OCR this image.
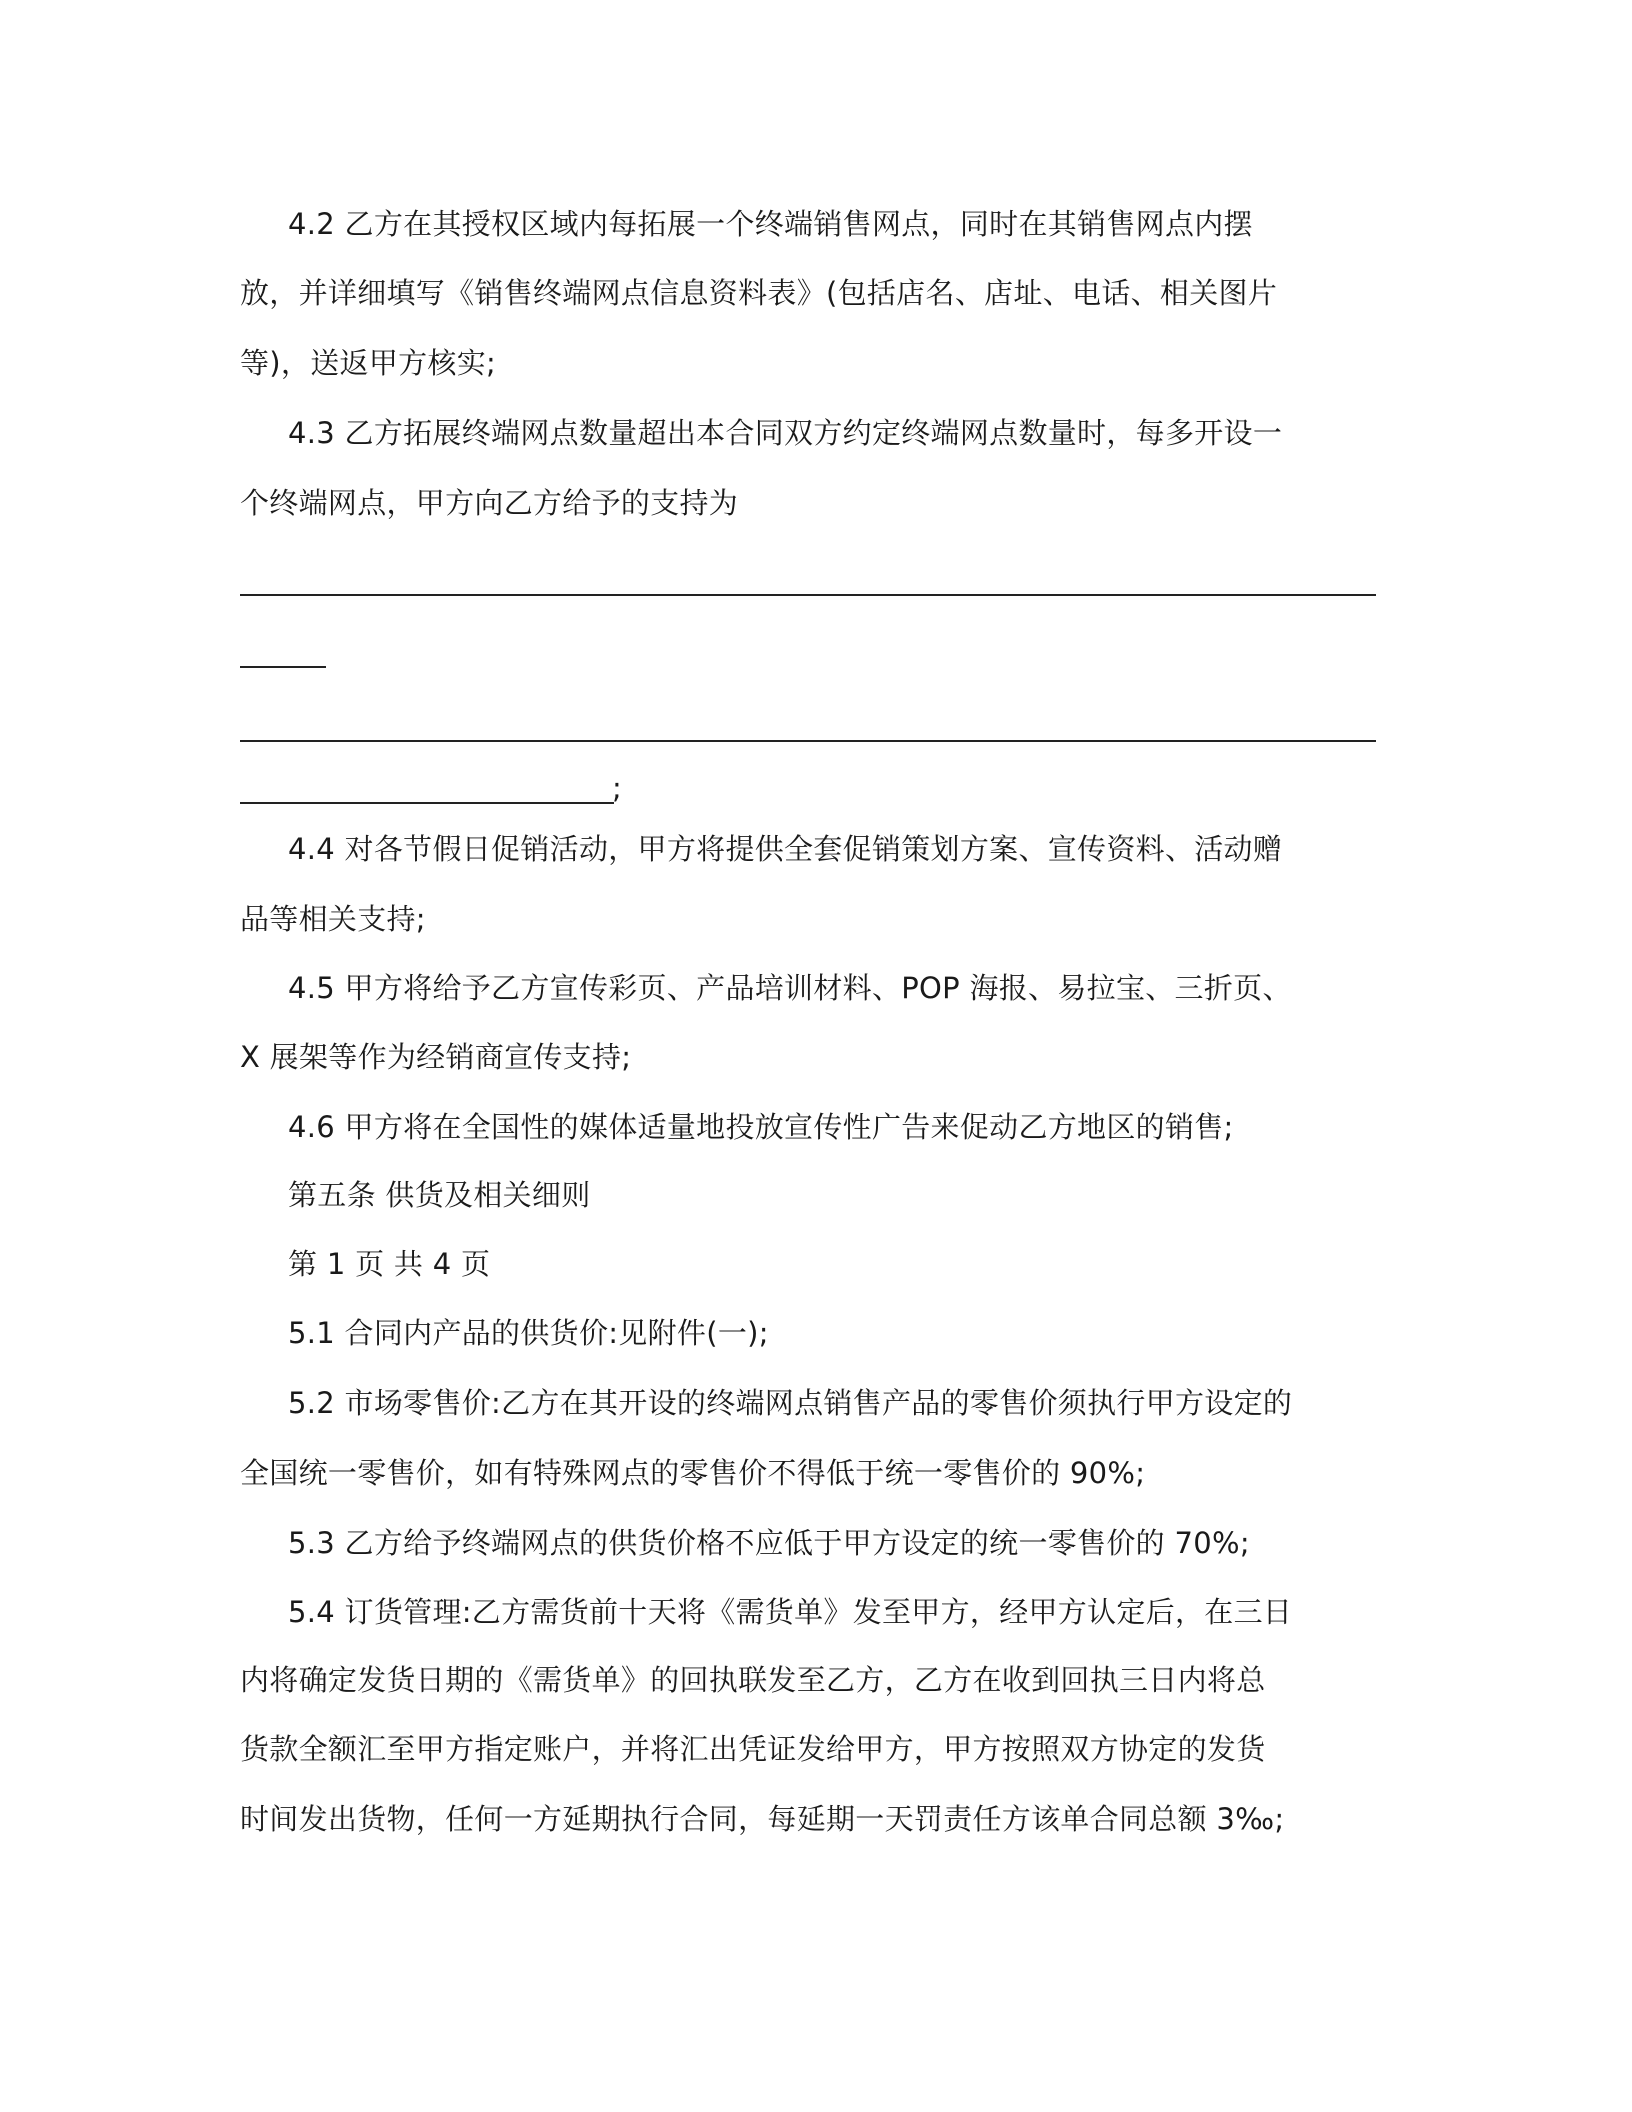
4.2 乙方在其授权区域内每拓展一个终端销售网点，同时在其销售网点内摆
放，并详细填写《销售终端网点信息资料表》(包括店名、店址、电话、相关图片
等)，送返甲方核实;
4.3 乙方拓展终端网点数量超出本合同双方约定终端网点数量时，每多开设一
个终端网点，甲方向乙方给予的支持为
;
4.4 对各节假日促销活动，甲方将提供全套促销策划方案、宣传资料、活动赠
品等相关支持;
4.5 甲方将给予乙方宣传彩页、产品培训材料、POP 海报、易拉宝、三折页、
X 展架等作为经销商宣传支持;
4.6 甲方将在全国性的媒体适量地投放宣传性广告来促动乙方地区的销售;
第五条 供货及相关细则
第 1 页 共 4 页
5.1 合同内产品的供货价:见附件(一);
5.2 市场零售价:乙方在其开设的终端网点销售产品的零售价须执行甲方设定的
全国统一零售价，如有特殊网点的零售价不得低于统一零售价的 90%;
5.3 乙方给予终端网点的供货价格不应低于甲方设定的统一零售价的 70%;
5.4 订货管理:乙方需货前十天将《需货单》发至甲方，经甲方认定后，在三日
内将确定发货日期的《需货单》的回执联发至乙方，乙方在收到回执三日内将总
货款全额汇至甲方指定账户，并将汇出凭证发给甲方，甲方按照双方协定的发货
时间发出货物，任何一方延期执行合同，每延期一天罚责任方该单合同总额 3‰;
